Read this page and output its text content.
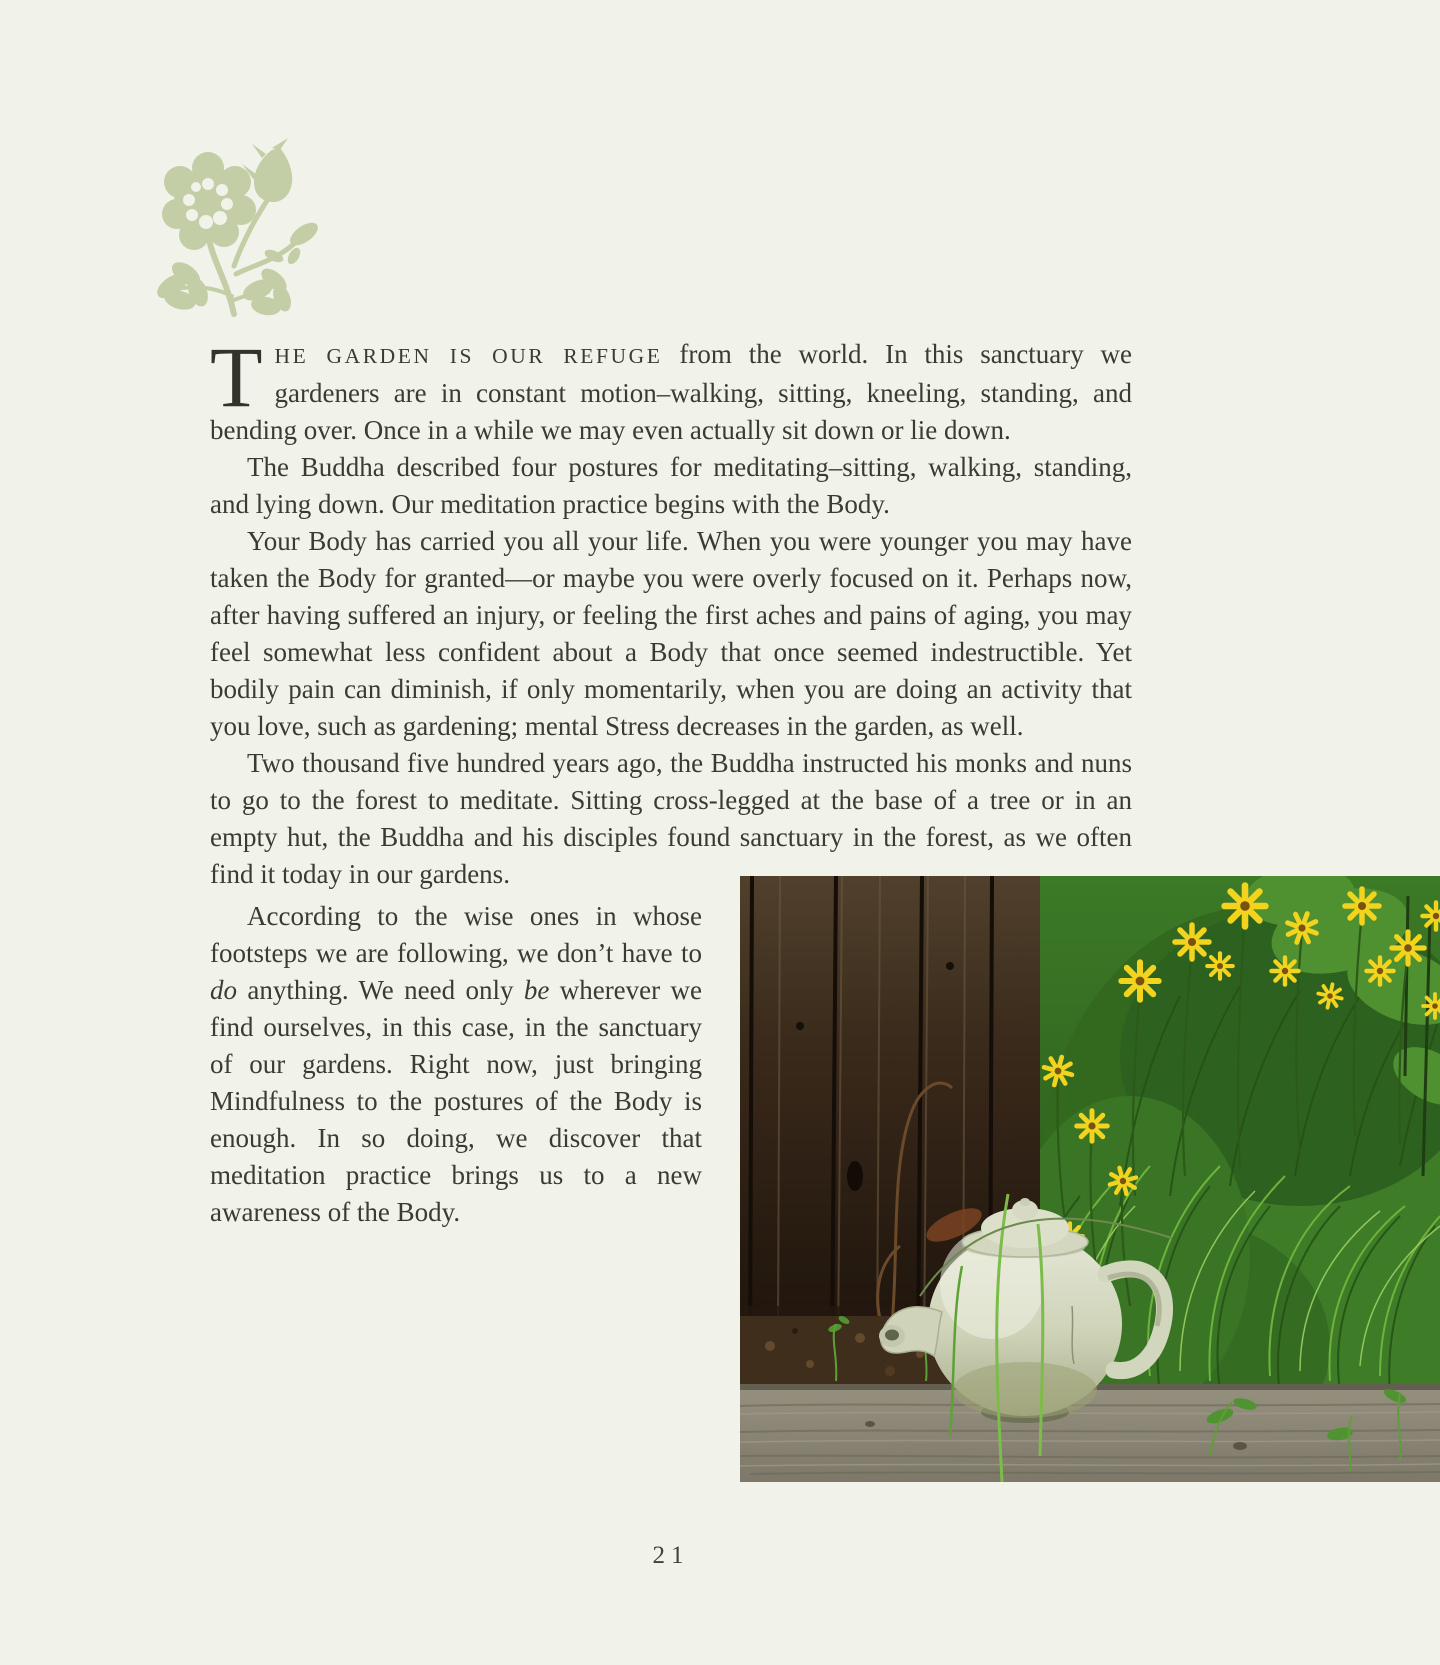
THE GARDEN IS OUR REFUGE from the world. In this sanctuary we gardeners are in constant motion–walking, sitting, kneeling, standing, and bending over. Once in a while we may even actually sit down or lie down.

The Buddha described four postures for meditating–sitting, walking, standing, and lying down. Our meditation practice begins with the Body.

Your Body has carried you all your life. When you were younger you may have taken the Body for granted—or maybe you were overly focused on it. Perhaps now, after having suffered an injury, or feeling the first aches and pains of aging, you may feel somewhat less confident about a Body that once seemed indestructible. Yet bodily pain can diminish, if only momentarily, when you are doing an activity that you love, such as gardening; mental Stress decreases in the garden, as well.

Two thousand five hundred years ago, the Buddha instructed his monks and nuns to go to the forest to meditate. Sitting cross-legged at the base of a tree or in an empty hut, the Buddha and his disciples found sanctuary in the forest, as we often find it today in our gardens.

According to the wise ones in whose footsteps we are following, we don’t have to do anything. We need only be wherever we find ourselves, in this case, in the sanctuary of our gardens. Right now, just bringing Mindfulness to the postures of the Body is enough. In so doing, we discover that meditation practice brings us to a new awareness of the Body.

21
